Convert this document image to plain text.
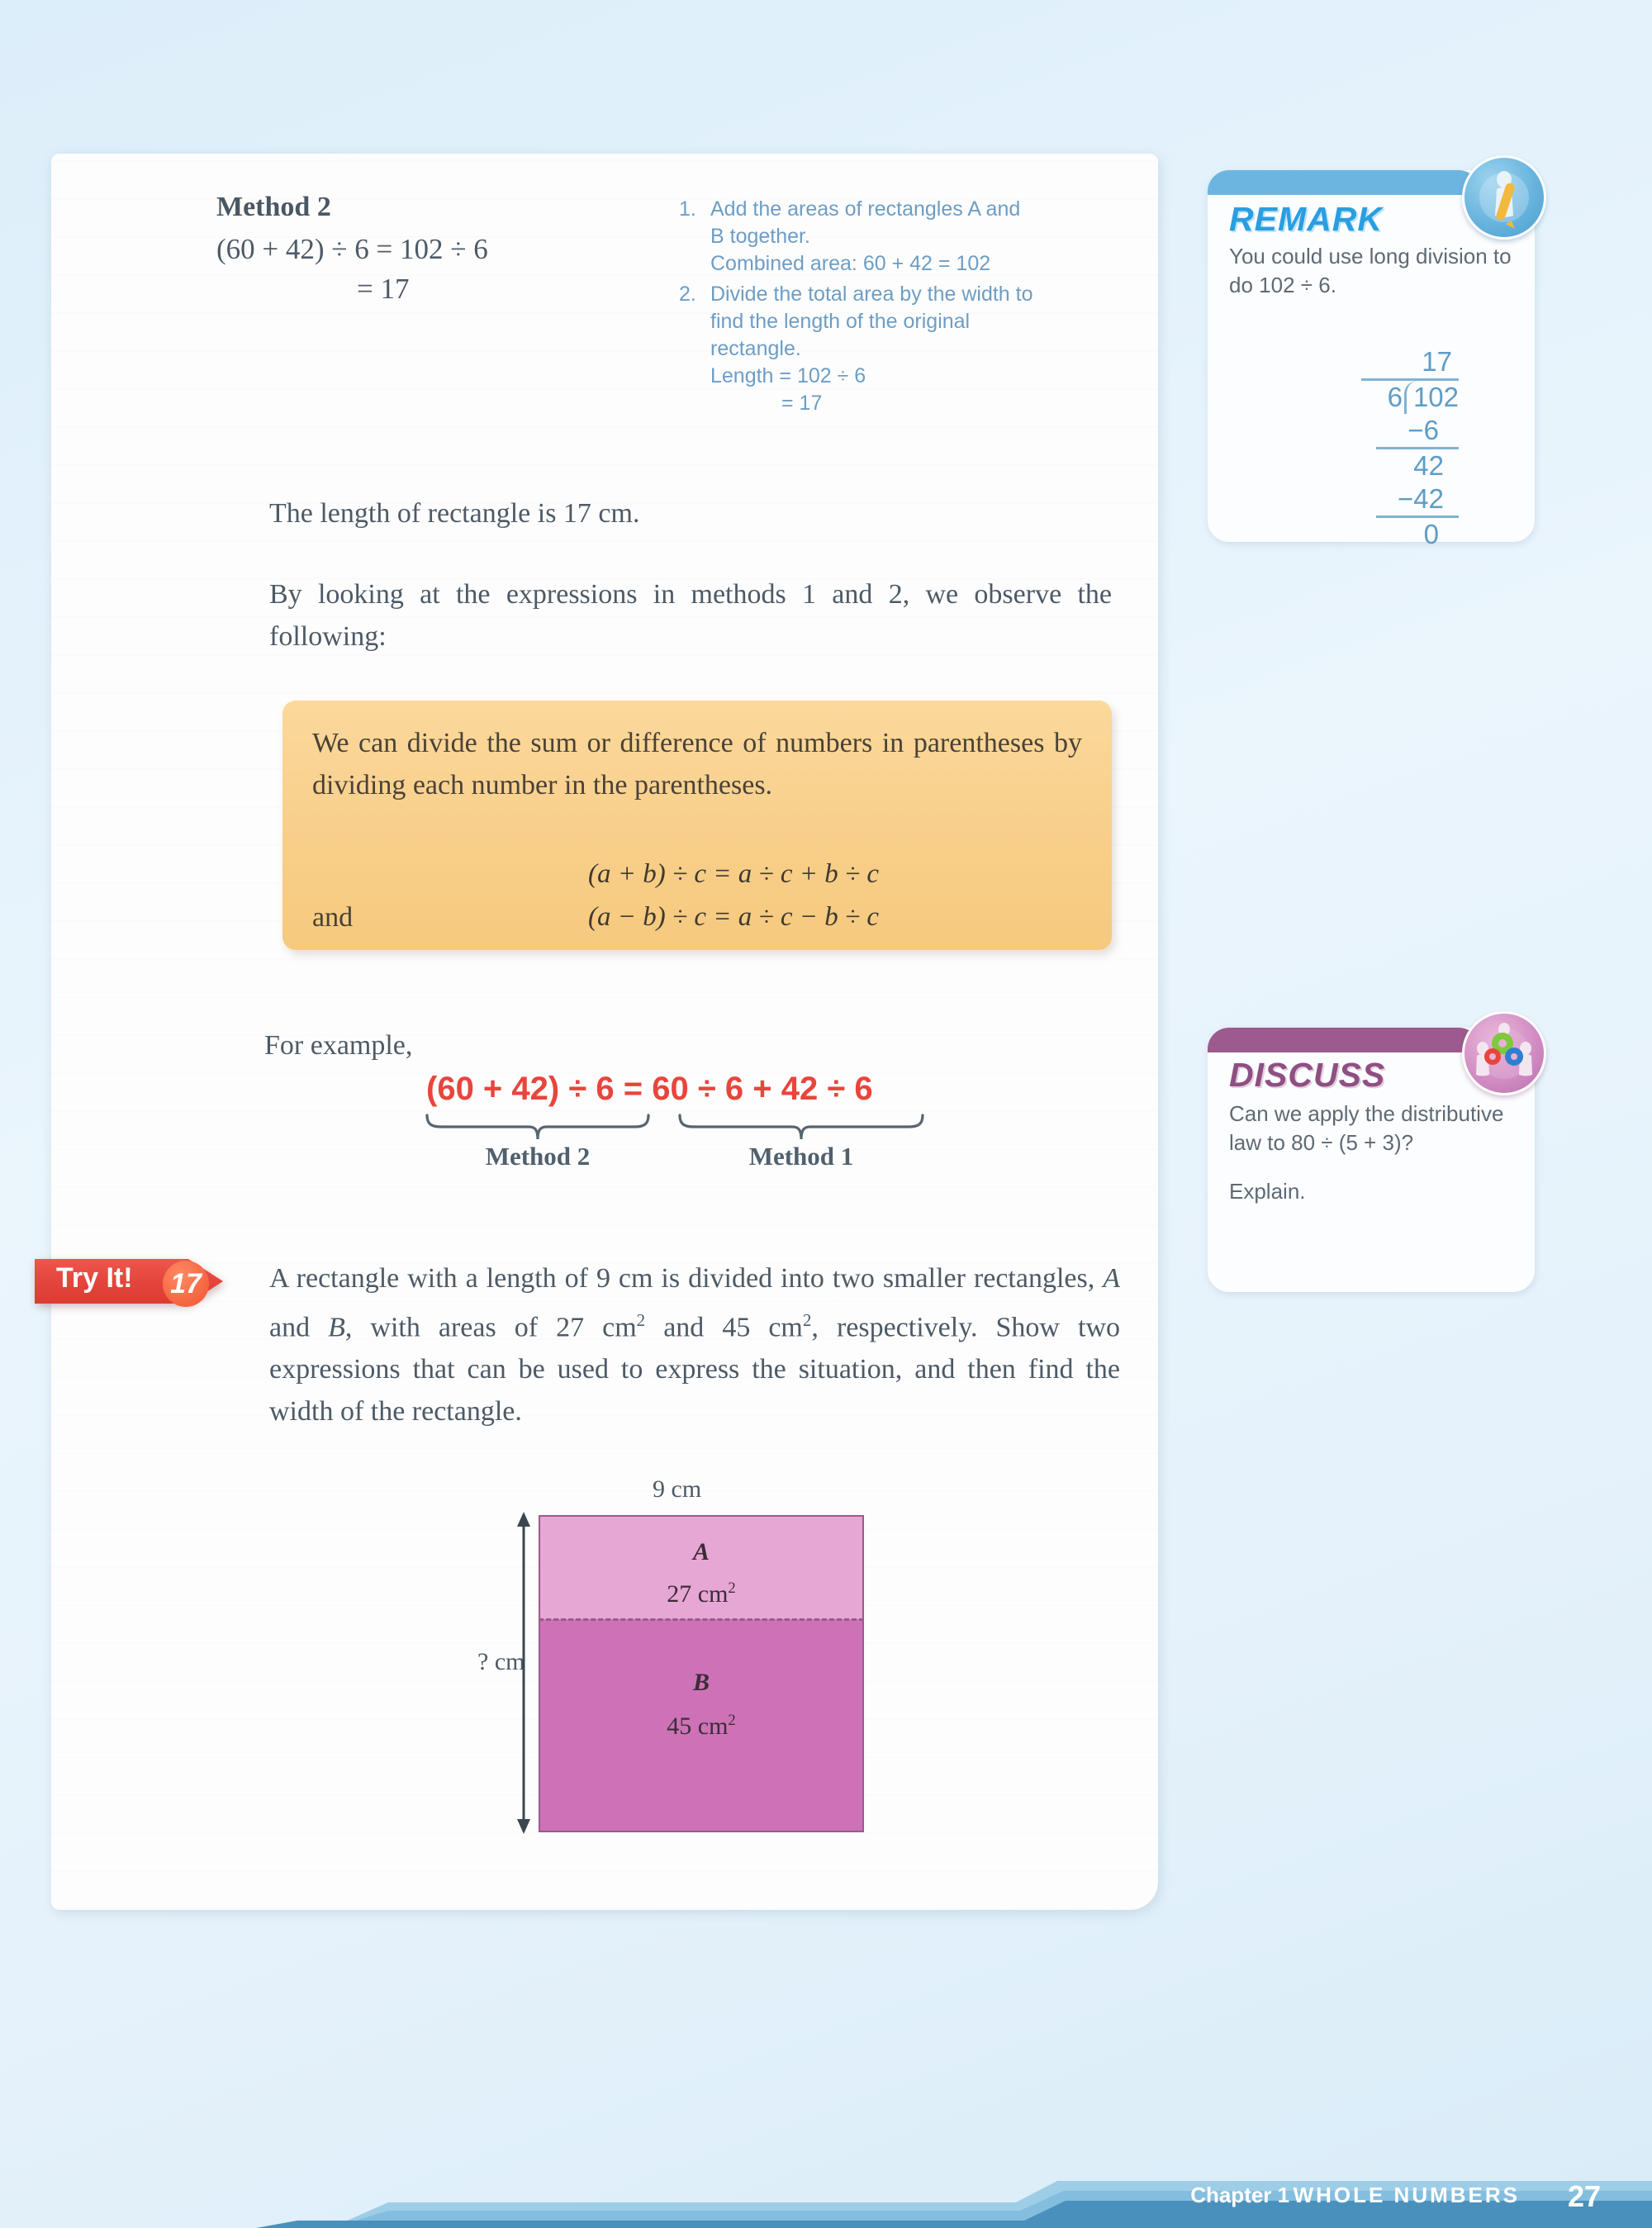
Method 2
(60 + 42) ÷ 6 = 102 ÷ 6
= 17
1. Add the areas of rectangles A and B together.
Combined area: 60 + 42 = 102
2. Divide the total area by the width to find the length of the original rectangle.
Length = 102 ÷ 6
= 17
The length of rectangle is 17 cm.
By looking at the expressions in methods 1 and 2, we observe the following:

We can divide the sum or difference of numbers in parentheses by dividing each number in the parentheses.

and
(a + b) ÷ c = a ÷ c + b ÷ c
(a − b) ÷ c = a ÷ c − b ÷ c
For example,
(60 + 42) ÷ 6 = 60 ÷ 6 + 42 ÷ 6
Method 2	Method 1
Try It! 17 A rectangle with a length of 9 cm is divided into two smaller rectangles, A and B, with areas of 27 $cm^2$ and 45 $cm^2$, respectively. Show two expressions that can be used to express the situation, and then find the width of the rectangle.
9 cm
? cm
A
27 $cm^2$
B
45 $cm^2$
REMARK
You could use long division to do 102 ÷ 6.
17
6 102
−6
42
−42
0
DISCUSS
Can we apply the distributive law to 80 ÷ (5 + 3)?
Explain.
Chapter 1 WHOLE NUMBERS 27
